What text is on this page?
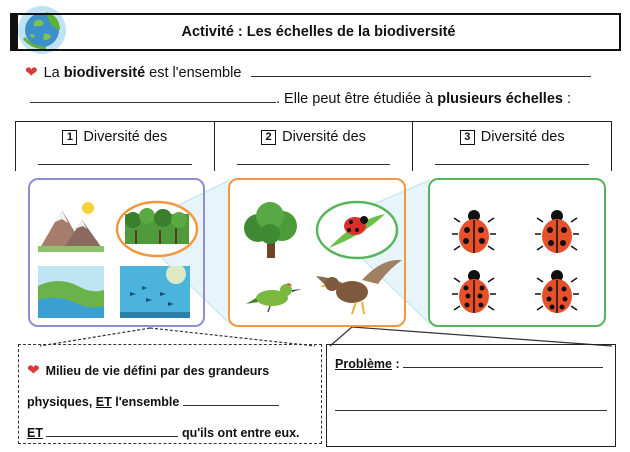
Activité : Les échelles de la biodiversité
❤ La biodiversité est l'ensemble
. Elle peut être étudiée à plusieurs échelles :
1 Diversité des	2 Diversité des	3 Diversité des
❤ Milieu de vie défini par des grandeurs
physiques, ET l'ensemble
ET	qu'ils ont entre eux.
Problème :
